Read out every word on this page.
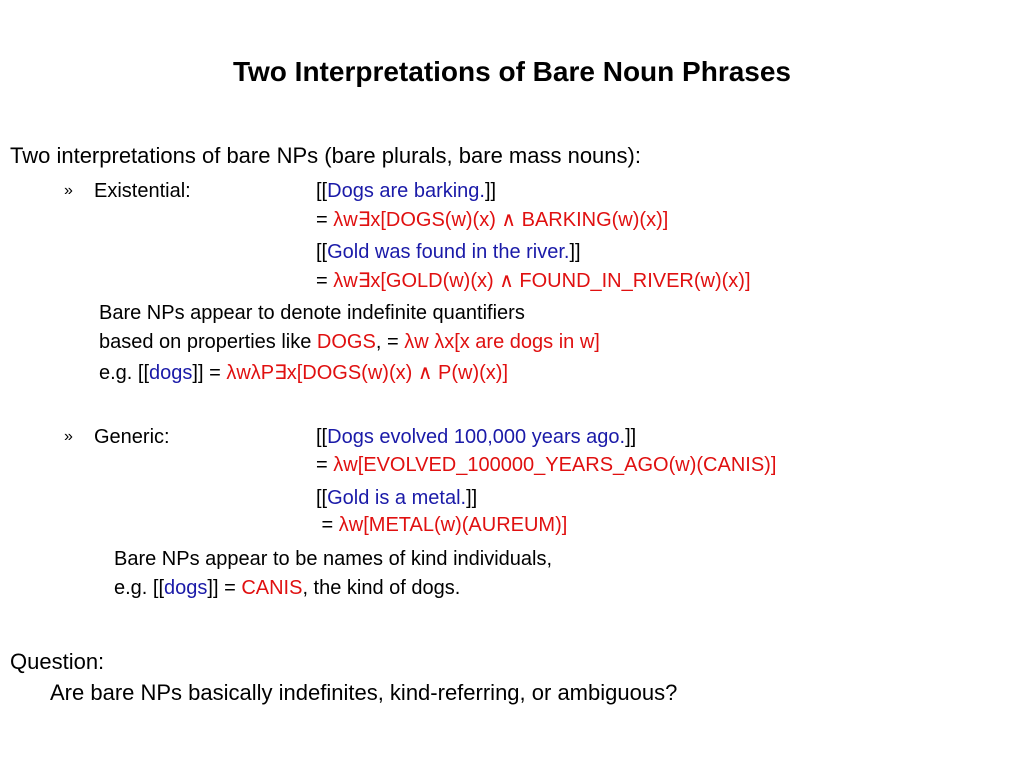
Two Interpretations of Bare Noun Phrases
Two interpretations of bare NPs (bare plurals, bare mass nouns):
» Existential:	[[Dogs are barking.]]
= λw∃x[DOGS(w)(x) ∧ BARKING(w)(x)]
[[Gold was found in the river.]]
= λw∃x[GOLD(w)(x) ∧ FOUND_IN_RIVER(w)(x)]
Bare NPs appear to denote indefinite quantifiers
based on properties like DOGS, = λw λx[x are dogs in w]
e.g. [[dogs]] = λwλP∃x[DOGS(w)(x) ∧ P(w)(x)]
» Generic:	[[Dogs evolved 100,000 years ago.]]
= λw[EVOLVED_100000_YEARS_AGO(w)(CANIS)]
[[Gold is a metal.]]
= λw[METAL(w)(AUREUM)]
Bare NPs appear to be names of kind individuals,
e.g. [[dogs]] = CANIS, the kind of dogs.
Question:
Are bare NPs basically indefinites, kind-referring, or ambiguous?
